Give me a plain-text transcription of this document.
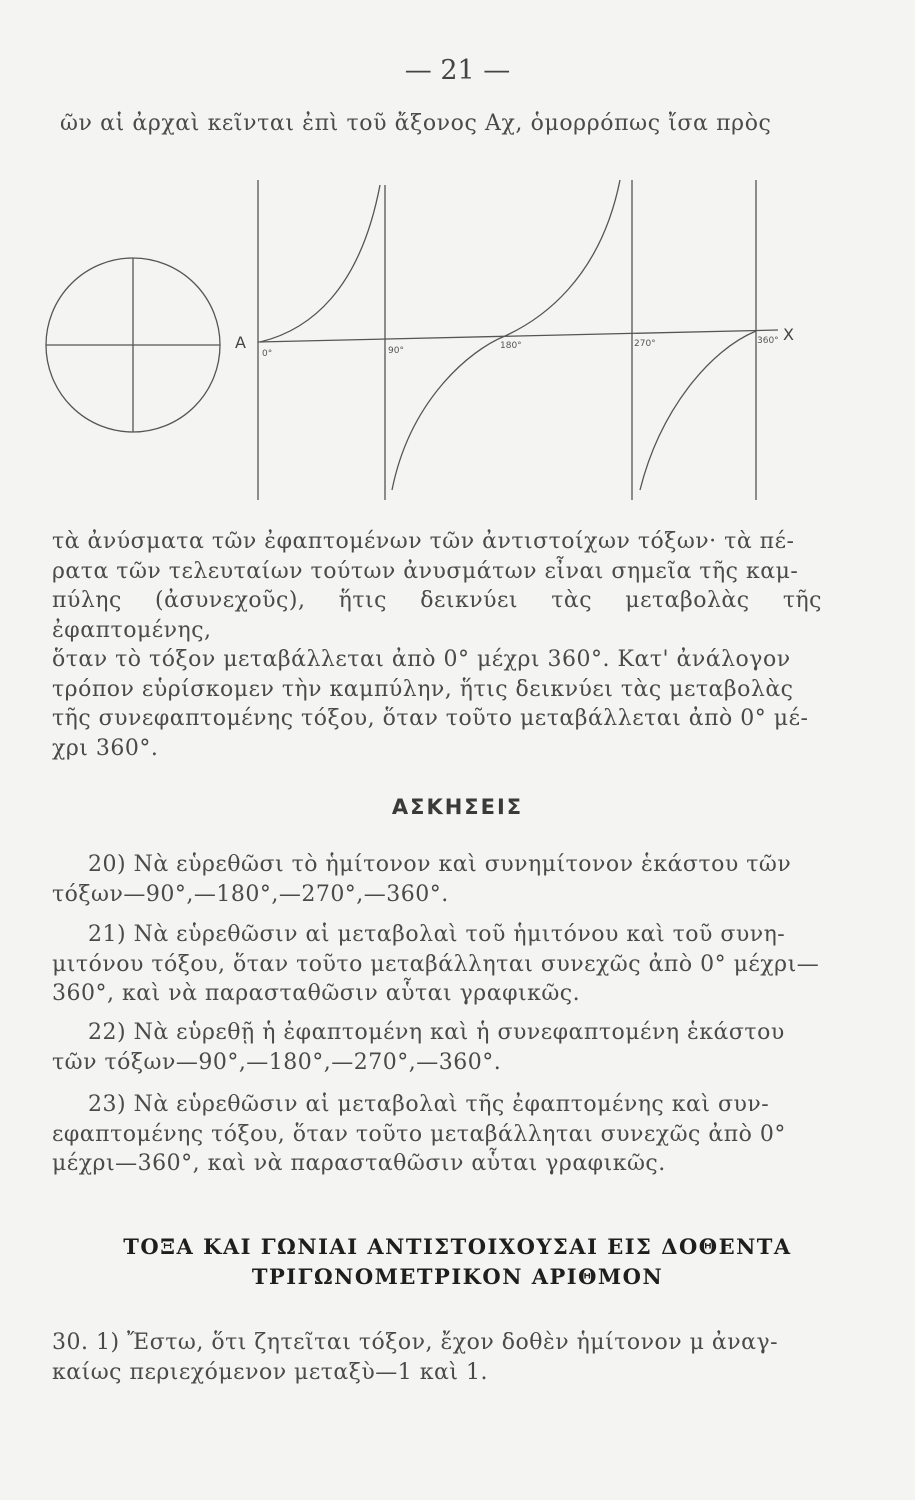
— 21 —
ῶν αἱ ἀρχαὶ κεῖνται ἐπὶ τοῦ ἄξονος Αχ, ὁμορρόπως ἴσα πρὸς
A	X
0°	90°	180°	270°	360°

τὰ ἀνύσματα τῶν ἐφαπτομένων τῶν ἀντιστοίχων τόξων· τὰ πέ-

ρατα τῶν τελευταίων τούτων ἀνυσμάτων εἶναι σημεῖα τῆς καμ-

πύλης (ἀσυνεχοῦς), ἥτις δεικνύει τὰς μεταβολὰς τῆς ἐφαπτομένης,

ὅταν τὸ τόξον μεταβάλλεται ἀπὸ 0° μέχρι 360°. Κατ' ἀνάλογον

τρόπον εὑρίσκομεν τὴν καμπύλην, ἥτις δεικνύει τὰς μεταβολὰς

τῆς συνεφαπτομένης τόξου, ὅταν τοῦτο μεταβάλλεται ἀπὸ 0° μέ-

χρι 360°.

ΑΣΚΗΣΕΙΣ

20) Νὰ εὑρεθῶσι τὸ ἡμίτονον καὶ συνημίτονον ἑκάστου τῶν

τόξων—90°,—180°,—270°,—360°.

21) Νὰ εὑρεθῶσιν αἱ μεταβολαὶ τοῦ ἡμιτόνου καὶ τοῦ συνη-

μιτόνου τόξου, ὅταν τοῦτο μεταβάλληται συνεχῶς ἀπὸ 0° μέχρι—

360°, καὶ νὰ παρασταθῶσιν αὗται γραφικῶς.

22) Νὰ εὑρεθῇ ἡ ἐφαπτομένη καὶ ἡ συνεφαπτομένη ἑκάστου

τῶν τόξων—90°,—180°,—270°,—360°.

23) Νὰ εὑρεθῶσιν αἱ μεταβολαὶ τῆς ἐφαπτομένης καὶ συν-

εφαπτομένης τόξου, ὅταν τοῦτο μεταβάλληται συνεχῶς ἀπὸ 0°

μέχρι—360°, καὶ νὰ παρασταθῶσιν αὗται γραφικῶς.

ΤΟΞΑ ΚΑΙ ΓΩΝΙΑΙ ΑΝΤΙΣΤΟΙΧΟΥΣΑΙ ΕΙΣ ΔΟΘΕΝΤΑ
ΤΡΙΓΩΝΟΜΕΤΡΙΚΟΝ ΑΡΙΘΜΟΝ

30. 1) Ἔστω, ὅτι ζητεῖται τόξον, ἔχον δοθὲν ἡμίτονον μ ἀναγ-

καίως περιεχόμενον μεταξὺ—1 καὶ 1.
